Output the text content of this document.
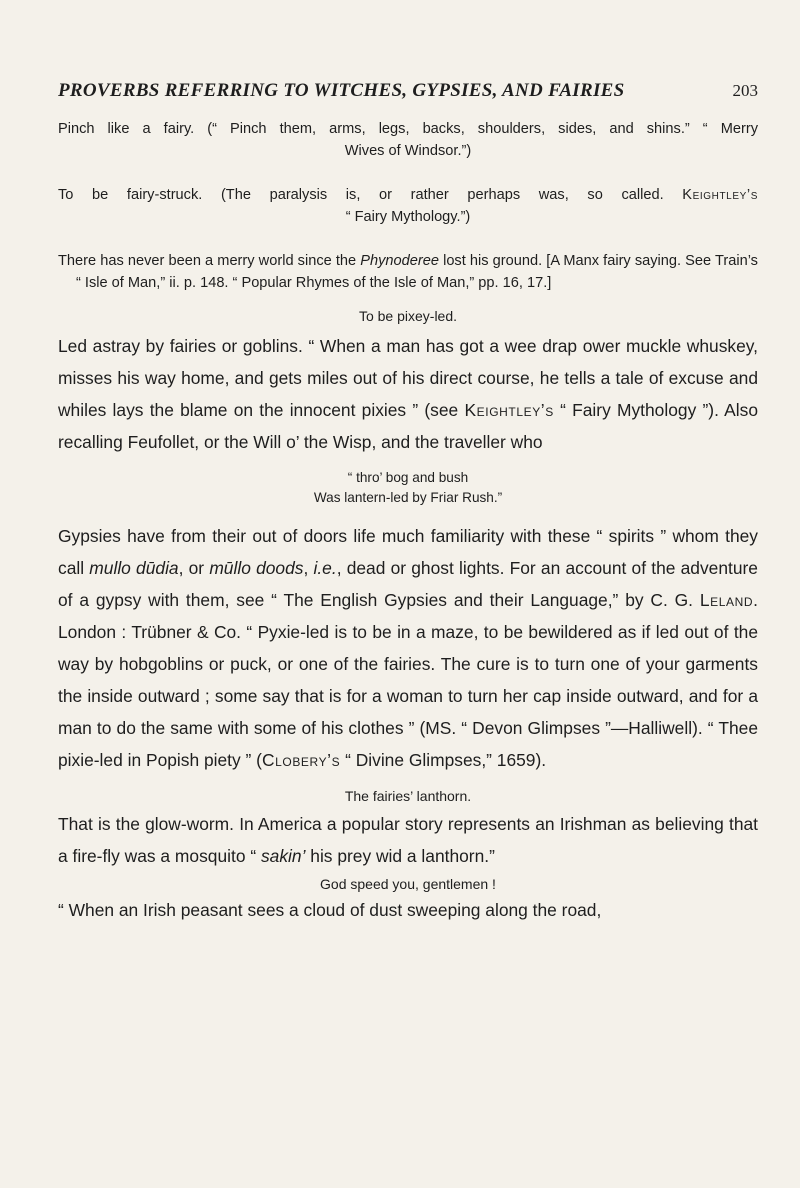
PROVERBS REFERRING TO WITCHES, GYPSIES, AND FAIRIES	203

Pinch like a fairy. (“ Pinch them, arms, legs, backs, shoulders, sides, and shins.” “ Merry

Wives of Windsor.”)

To be fairy-struck. (The paralysis is, or rather perhaps was, so called. Keightley’s

“ Fairy Mythology.”)

There has never been a merry world since the Phynoderee lost his ground. [A Manx fairy saying. See Train’s “ Isle of Man,” ii. p. 148. “ Popular Rhymes of the Isle of Man,” pp. 16, 17.]

To be pixey-led.

Led astray by fairies or goblins. “ When a man has got a wee drap ower muckle whuskey, misses his way home, and gets miles out of his direct course, he tells a tale of excuse and whiles lays the blame on the innocent pixies ” (see Keightley’s “ Fairy Mythology ”). Also recalling Feufollet, or the Will o’ the Wisp, and the traveller who

“ thro’ bog and bush
Was lantern-led by Friar Rush.”

Gypsies have from their out of doors life much familiarity with these “ spirits ” whom they call mullo dūdia, or mūllo doods, i.e., dead or ghost lights. For an account of the adventure of a gypsy with them, see “ The English Gypsies and their Language,” by C. G. Leland. London : Trübner & Co. “ Pyxie-led is to be in a maze, to be bewildered as if led out of the way by hobgoblins or puck, or one of the fairies. The cure is to turn one of your garments the inside outward ; some say that is for a woman to turn her cap inside outward, and for a man to do the same with some of his clothes ” (MS. “ Devon Glimpses ”—Halliwell). “ Thee pixie-led in Popish piety ” (Clobery’s “ Divine Glimpses,” 1659).

The fairies’ lanthorn.

That is the glow-worm. In America a popular story represents an Irishman as believing that a fire-fly was a mosquito “ sakin’ his prey wid a lanthorn.”

God speed you, gentlemen !

“ When an Irish peasant sees a cloud of dust sweeping along the road,
